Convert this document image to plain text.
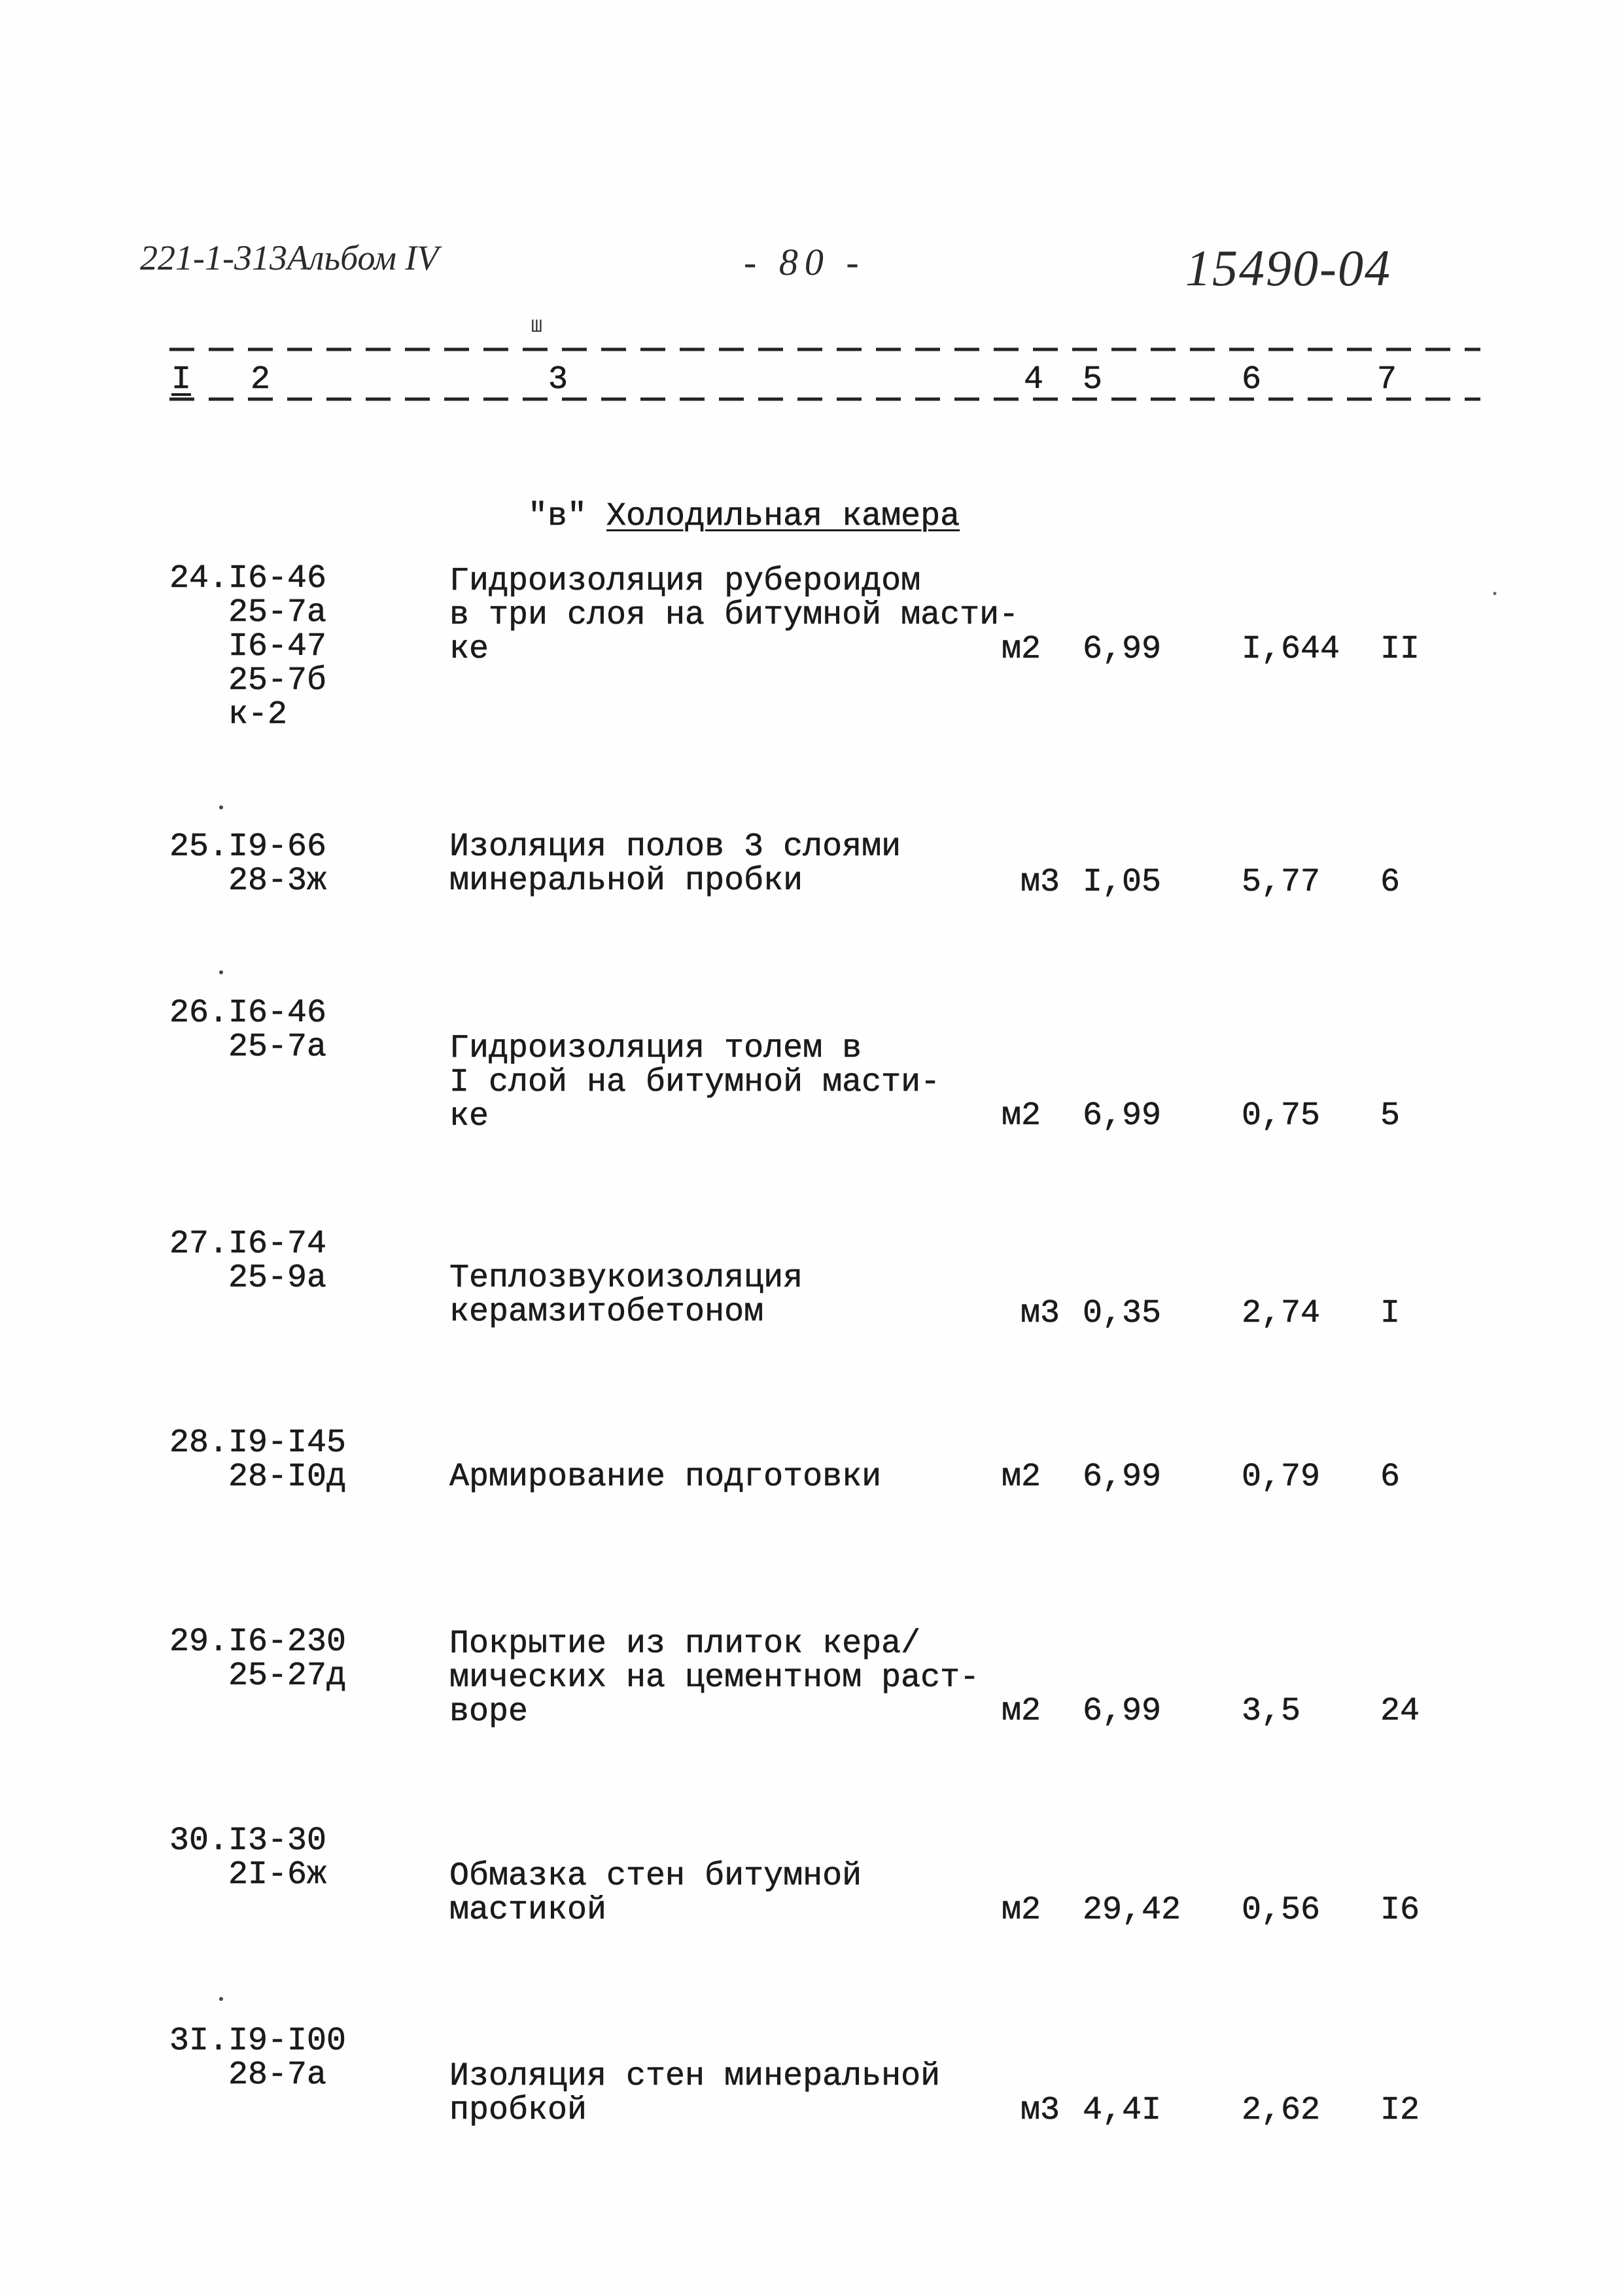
221-1-313Альбом IV	- 80 -	15490-04
Ш
I 2	3	4 5	6	7

"в" Холодильная камера

24.I6-46
25-7а
I6-47
25-7б
к-2
Гидроизоляция рубероидом
в три слоя на битумной масти-
ке	м2 6,99 I,644 II
25.I9-66
28-3ж
Изоляция полов 3 слоями
минеральной пробки	м3 I,05 5,77 6
26.I6-46
25-7а	Гидроизоляция толем в
I слой на битумной масти-
ке	м2 6,99 0,75 5
27.I6-74
25-9а	Теплозвукоизоляция
керамзитобетоном	м3 0,35 2,74 I
28.I9-I45
28-I0д	Армирование подготовки	м2 6,99 0,79 6
29.I6-230
25-27д
Покрытие из плиток кера/
мических на цементном раст-
воре	м2 6,99 3,5 24
30.I3-30
2I-6ж	Обмазка стен битумной
мастикой	м2 29,42 0,56 I6
3I.I9-I00
28-7а	Изоляция стен минеральной
пробкой	м3 4,4I 2,62 I2
